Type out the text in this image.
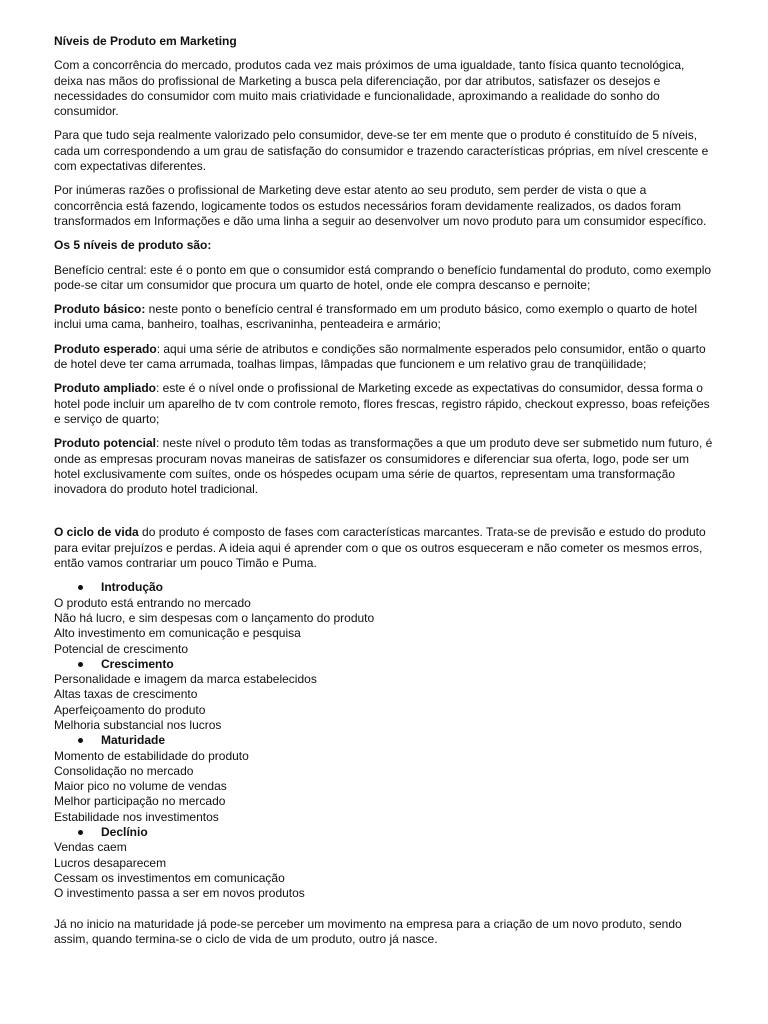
Níveis de Produto em Marketing

Com a concorrência do mercado, produtos cada vez mais próximos de uma igualdade, tanto física quanto tecnológica, deixa nas mãos do profissional de Marketing a busca pela diferenciação, por dar atributos, satisfazer os desejos e necessidades do consumidor com muito mais criatividade e funcionalidade, aproximando a realidade do sonho do consumidor.

Para que tudo seja realmente valorizado pelo consumidor, deve-se ter em mente que o produto é constituído de 5 níveis, cada um correspondendo a um grau de satisfação do consumidor e trazendo características próprias, em nível crescente e com expectativas diferentes.

Por inúmeras razões o profissional de Marketing deve estar atento ao seu produto, sem perder de vista o que a concorrência está fazendo, logicamente todos os estudos necessários foram devidamente realizados, os dados foram transformados em Informações e dão uma linha a seguir ao desenvolver um novo produto para um consumidor específico.

Os 5 níveis de produto são:

Benefício central: este é o ponto em que o consumidor está comprando o benefício fundamental do produto, como exemplo pode-se citar um consumidor que procura um quarto de hotel, onde ele compra descanso e pernoite;

Produto básico: neste ponto o benefício central é transformado em um produto básico, como exemplo o quarto de hotel inclui uma cama, banheiro, toalhas, escrivaninha, penteadeira e armário;

Produto esperado: aqui uma série de atributos e condições são normalmente esperados pelo consumidor, então o quarto de hotel deve ter cama arrumada, toalhas limpas, lâmpadas que funcionem e um relativo grau de tranqüilidade;

Produto ampliado: este é o nível onde o profissional de Marketing excede as expectativas do consumidor, dessa forma o hotel pode incluir um aparelho de tv com controle remoto, flores frescas, registro rápido, checkout expresso, boas refeições e serviço de quarto;

Produto potencial: neste nível o produto têm todas as transformações a que um produto deve ser submetido num futuro, é onde as empresas procuram novas maneiras de satisfazer os consumidores e diferenciar sua oferta, logo, pode ser um hotel exclusivamente com suítes, onde os hóspedes ocupam uma série de quartos, representam uma transformação inovadora do produto hotel tradicional.

O ciclo de vida do produto é composto de fases com características marcantes. Trata-se de previsão e estudo do produto para evitar prejuízos e perdas. A ideia aqui é aprender com o que os outros esqueceram e não cometer os mesmos erros, então vamos contrariar um pouco Timão e Puma.

Introdução
O produto está entrando no mercado
Não há lucro, e sim despesas com o lançamento do produto
Alto investimento em comunicação e pesquisa
Potencial de crescimento
Crescimento
Personalidade e imagem da marca estabelecidos
Altas taxas de crescimento
Aperfeiçoamento do produto
Melhoria substancial nos lucros
Maturidade
Momento de estabilidade do produto
Consolidação no mercado
Maior pico no volume de vendas
Melhor participação no mercado
Estabilidade nos investimentos
Declínio
Vendas caem
Lucros desaparecem
Cessam os investimentos em comunicação
O investimento passa a ser em novos produtos

Já no inicio na maturidade já pode-se perceber um movimento na empresa para a criação de um novo produto, sendo assim, quando termina-se o ciclo de vida de um produto, outro já nasce.
